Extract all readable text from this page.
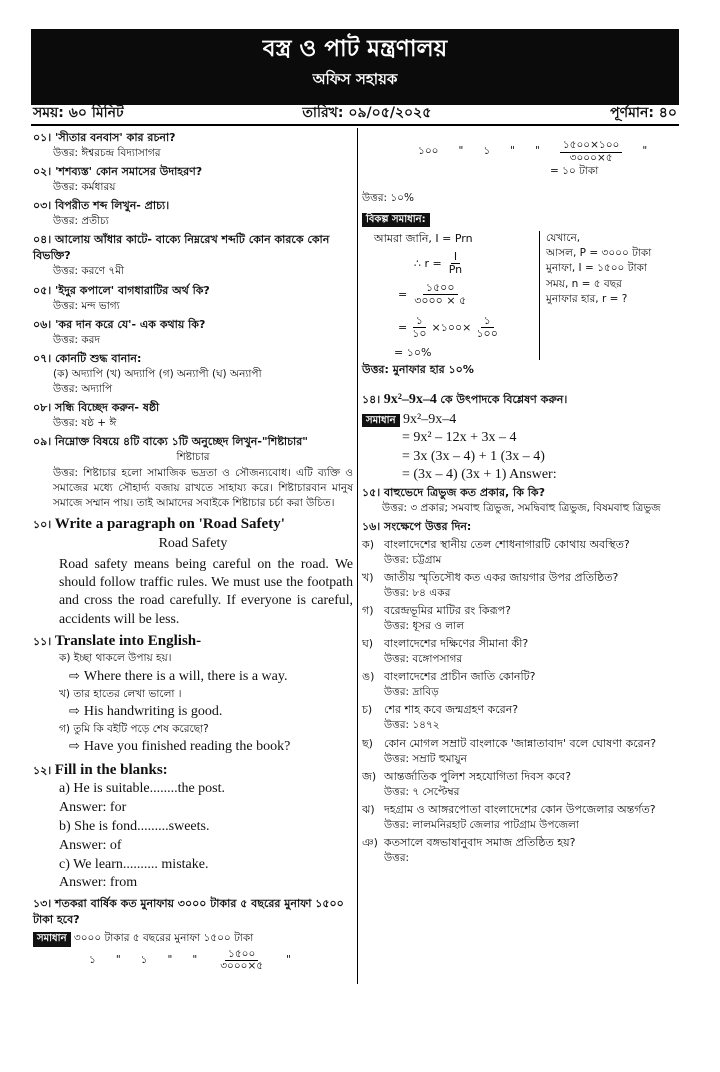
বস্ত্র ও পাট মন্ত্রণালয়
অফিস সহায়ক
সময়: ৬০ মিনিট	তারিখ: ০৯/০৫/২০২৫	পূর্ণমান: ৪০
০১। 'সীতার বনবাস' কার রচনা?
উত্তর: ঈশ্বরচন্দ্র বিদ্যাসাগর
০২। 'শশব্যস্ত' কোন সমাসের উদাহরণ?
উত্তর: কর্মধারয়
০৩। বিপরীত শব্দ লিখুন- প্রাচ্য।
উত্তর: প্রতীচ্য
০৪। আলোয় আঁধার কাটে- বাক্যে নিম্নরেখ শব্দটি কোন কারকে কোন বিভক্তি?
উত্তর: করণে ৭মী
০৫। 'ইদুর কপালে' বাগধারাটির অর্থ কি?
উত্তর: মন্দ ভাগ্য
০৬। 'কর দান করে যে'- এক কথায় কি?
উত্তর: করদ
০৭। কোনটি শুদ্ধ বানান:
(ক) অদ্যাপি (খ) অদ্যাপি (গ) অন্যাপী (ঘ) অন্যাপী
উত্তর: অদ্যাপি
০৮। সন্ধি বিচ্ছেদ করুন- ষষ্ঠী
উত্তর: ষষ্ঠ + ঈ
০৯। নিম্নোক্ত বিষয়ে ৪টি বাক্যে ১টি অনুচ্ছেদ লিখুন-"শিষ্টাচার"
শিষ্টাচার
উত্তর: শিষ্টাচার হলো সামাজিক ভদ্রতা ও সৌজন্যবোধ। এটি ব্যক্তি ও সমাজের মধ্যে সৌহার্দ্য বজায় রাখতে সাহায্য করে। শিষ্টাচারবান মানুষ সমাজে সম্মান পায়। তাই আমাদের সবাইকে শিষ্টাচার চর্চা করা উচিত।
১০। Write a paragraph on 'Road Safety'
Road Safety
Road safety means being careful on the road. We should follow traffic rules. We must use the footpath and cross the road carefully. If everyone is careful, accidents will be less.
১১। Translate into English-
ক) ইচ্ছা থাকলে উপায় হয়।
⇨ Where there is a will, there is a way.
খ) তার হাতের লেখা ভালো ।
⇨ His handwriting is good.
গ) তুমি কি বইটি পড়ে শেষ করেছো?
⇨ Have you finished reading the book?
১২। Fill in the blanks:
a) He is suitable........the post.
Answer: for
b) She is fond.........sweets.
Answer: of
c) We learn.......... mistake.
Answer: from
১৩। শতকরা বার্ষিক কত মুনাফায় ৩০০০ টাকার ৫ বছরের মুনাফা ১৫০০ টাকা হবে?
সমাধান ৩০০০ টাকার ৫ বছরের মুনাফা ১৫০০ টাকা
১ " ১ " " $\frac{১৫০০}{৩০০০\times ৫}$ "
১০০ " ১ " " $\frac{১৫০০\times ১০০}{৩০০০\times ৫}$ "
= ১০ টাকা
উত্তর: ১০%
বিকল্প সমাধান:
আমরা জানি, I = Prn
∴ $r = \frac{I}{Pn}$
= $\frac{১৫০০}{৩০০০ \times ৫}$
= $\frac{১}{১০}$ ×১০০× $\frac{১}{১০০}$
= ১০%
যেখানে,
আসল, P = ৩০০০ টাকা
মুনাফা, I = ১৫০০ টাকা
সময়, n = ৫ বছর
মুনাফার হার, r = ?
উত্তর: মুনাফার হার ১০%
১৪। 9x²–9x–4 কে উৎপাদকে বিশ্লেষণ করুন।
সমাধান 9x²–9x–4
= 9x² – 12x + 3x – 4
= 3x (3x – 4) + 1 (3x – 4)
= (3x – 4) (3x + 1) Answer:
১৫। বাহুভেদে ত্রিভুজ কত প্রকার, কি কি?
উত্তর: ৩ প্রকার; সমবাহু ত্রিভুজ, সমদ্বিবাহু ত্রিভুজ, বিষমবাহু ত্রিভুজ
১৬। সংক্ষেপে উত্তর দিন:
ক) বাংলাদেশের স্থানীয় তেল শোধনাগারটি কোথায় অবস্থিত?
উত্তর: চট্টগ্রাম
খ) জাতীয় স্মৃতিসৌধ কত একর জায়গার উপর প্রতিষ্ঠিত?
উত্তর: ৮৪ একর
গ) বরেন্দ্রভূমির মাটির রং কিরূপ?
উত্তর: ধূসর ও লাল
ঘ) বাংলাদেশের দক্ষিণের সীমানা কী?
উত্তর: বঙ্গোপসাগর
ঙ) বাংলাদেশের প্রাচীন জাতি কোনটি?
উত্তর: দ্রাবিড়
চ)	শের শাহ কবে জন্মগ্রহণ করেন?
উত্তর: ১৪৭২
ছ)	কোন মোগল সম্রাট বাংলাকে 'জান্নাতাবাদ' বলে ঘোষণা করেন?
উত্তর: সম্রাট হুমায়ুন
জ) আন্তর্জাতিক পুলিশ সহযোগিতা দিবস কবে?
উত্তর: ৭ সেপ্টেম্বর
ঝ) দহগ্রাম ও আঙ্গরপোতা বাংলাদেশের কোন উপজেলার অন্তর্গত?
উত্তর: লালমনিরহাট জেলার পাটগ্রাম উপজেলা
ঞ) কতসালে বঙ্গভাষানুবাদ সমাজ প্রতিষ্ঠিত হয়?
উত্তর:
